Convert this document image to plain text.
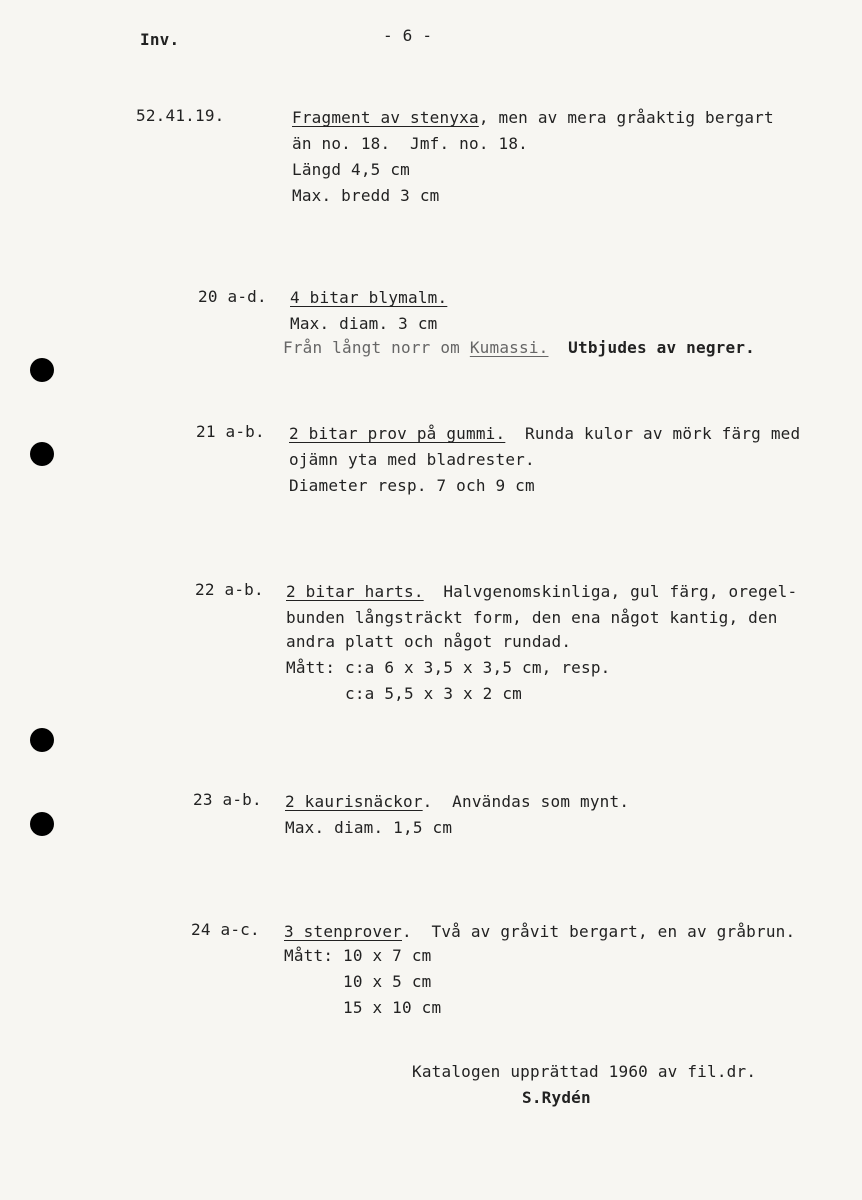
Inv.	- 6 -
52.41.19.	Fragment av stenyxa, men av mera gråaktig bergart
än no. 18.  Jmf. no. 18.
Längd 4,5 cm
Max. bredd 3 cm
20 a-d. 4 bitar blymalm.
Max. diam. 3 cm
Från långt norr om Kumassi.  Utbjudes av negrer.
21 a-b. 2 bitar prov på gummi.  Runda kulor av mörk färg med
ojämn yta med bladrester.
Diameter resp. 7 och 9 cm
22 a-b. 2 bitar harts.  Halvgenomskinliga, gul färg, oregel-
bunden långsträckt form, den ena något kantig, den
andra platt och något rundad.
Mått: c:a 6 x 3,5 x 3,5 cm, resp.
c:a 5,5 x 3 x 2 cm
23 a-b. 2 kaurisnäckor.  Användas som mynt.
Max. diam. 1,5 cm
24 a-c. 3 stenprover.  Två av gråvit bergart, en av gråbrun.
Mått: 10 x 7 cm
10 x 5 cm
15 x 10 cm
Katalogen upprättad 1960 av fil.dr.
S.Rydén
